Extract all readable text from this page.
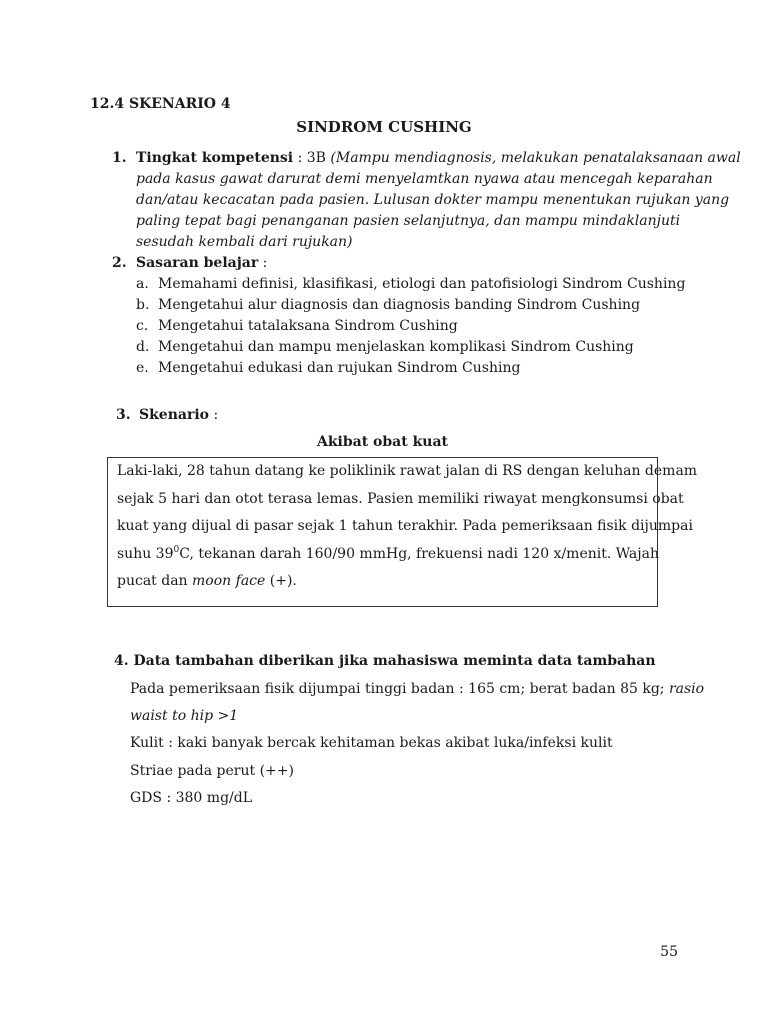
12.4 SKENARIO 4
SINDROM CUSHING
1. Tingkat kompetensi : 3B (Mampu mendiagnosis, melakukan penatalaksanaan awal
pada kasus gawat darurat demi menyelamtkan nyawa atau mencegah keparahan
dan/atau kecacatan pada pasien. Lulusan dokter mampu menentukan rujukan yang
paling tepat bagi penanganan pasien selanjutnya, dan mampu mindaklanjuti
sesudah kembali dari rujukan)
2. Sasaran belajar :
a. Memahami definisi, klasifikasi, etiologi dan patofisiologi Sindrom Cushing
b. Mengetahui alur diagnosis dan diagnosis banding Sindrom Cushing
c. Mengetahui tatalaksana Sindrom Cushing
d. Mengetahui dan mampu menjelaskan komplikasi Sindrom Cushing
e. Mengetahui edukasi dan rujukan Sindrom Cushing
3. Skenario :
Akibat obat kuat
Laki-laki, 28 tahun datang ke poliklinik rawat jalan di RS dengan keluhan demam
sejak 5 hari dan otot terasa lemas. Pasien memiliki riwayat mengkonsumsi obat
kuat yang dijual di pasar sejak 1 tahun terakhir. Pada pemeriksaan fisik dijumpai
suhu $39^0C$, tekanan darah 160/90 mmHg, frekuensi nadi 120 x/menit. Wajah
pucat dan moon face (+).
4. Data tambahan diberikan jika mahasiswa meminta data tambahan
Pada pemeriksaan fisik dijumpai tinggi badan : 165 cm; berat badan 85 kg; rasio
waist to hip >1
Kulit : kaki banyak bercak kehitaman bekas akibat luka/infeksi kulit
Striae pada perut (++)
GDS : 380 mg/dL
55
